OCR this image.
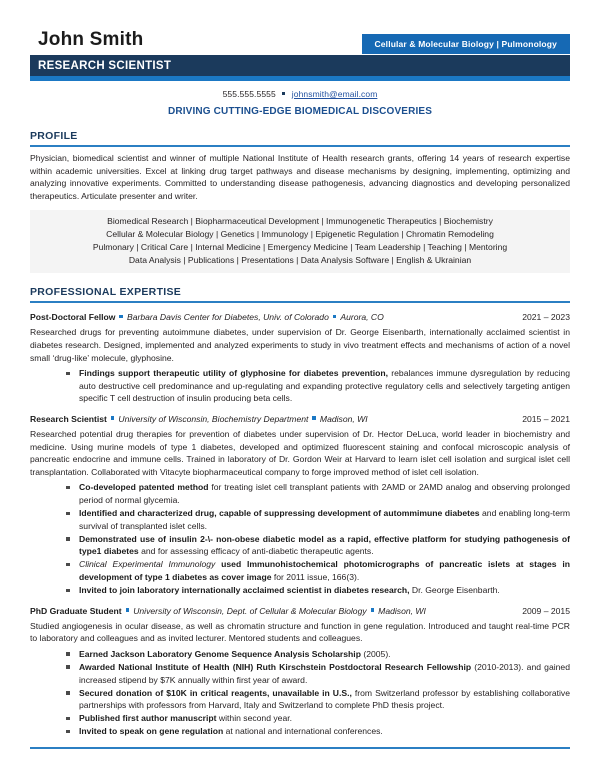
John Smith	Cellular & Molecular Biology | Pulmonology
RESEARCH SCIENTIST
555.555.5555 johnsmith@email.com
DRIVING CUTTING-EDGE BIOMEDICAL DISCOVERIES
PROFILE

Physician, biomedical scientist and winner of multiple National Institute of Health research grants, offering 14 years of research expertise within academic universities. Excel at linking drug target pathways and disease mechanisms by designing, implementing, optimizing and analyzing innovative experiments. Committed to understanding disease pathogenesis, advancing diagnostics and developing personalized therapeutics. Articulate presenter and writer.

Biomedical Research | Biopharmaceutical Development | Immunogenetic Therapeutics | Biochemistry
Cellular & Molecular Biology | Genetics | Immunology | Epigenetic Regulation | Chromatin Remodeling
Pulmonary | Critical Care | Internal Medicine | Emergency Medicine | Team Leadership | Teaching | Mentoring
Data Analysis | Publications | Presentations | Data Analysis Software | English & Ukrainian
PROFESSIONAL EXPERTISE
Post-Doctoral Fellow Barbara Davis Center for Diabetes, Univ. of Colorado Aurora, CO	2021 – 2023

Researched drugs for preventing autoimmune diabetes, under supervision of Dr. George Eisenbarth, internationally acclaimed scientist in diabetes research. Designed, implemented and analyzed experiments to study in vivo treatment effects and mechanisms of action of a novel small ‘drug-like’ molecule, glyphosine.

Findings support therapeutic utility of glyphosine for diabetes prevention, rebalances immune dysregulation by reducing auto destructive cell predominance and up-regulating and expanding protective regulatory cells and selectively targeting antigen specific T cell destruction of insulin producing beta cells.
Research Scientist University of Wisconsin, Biochemistry Department Madison, WI	2015 – 2021

Researched potential drug therapies for prevention of diabetes under supervision of Dr. Hector DeLuca, world leader in biochemistry and medicine. Using murine models of type 1 diabetes, developed and optimized fluorescent staining and confocal microscopic analysis of pancreatic endocrine and immune cells. Trained in laboratory of Dr. Gordon Weir at Harvard to learn islet cell isolation and surgical islet cell transplantation. Collaborated with Vitacyte biopharmaceutical company to forge improved method of islet cell isolation.

Co-developed patented method for treating islet cell transplant patients with 2AMD or 2AMD analog and observing prolonged period of normal glycemia.
Identified and characterized drug, capable of suppressing development of autommimune diabetes and enabling long-term survival of transplanted islet cells.
Demonstrated use of insulin 2-\- non-obese diabetic model as a rapid, effective platform for studying pathogenesis of type1 diabetes and for assessing efficacy of anti-diabetic therapeutic agents.
Clinical Experimental Immunology used Immunohistochemical photomicrographs of pancreatic islets at stages in development of type 1 diabetes as cover image for 2011 issue, 166(3).
Invited to join laboratory internationally acclaimed scientist in diabetes research, Dr. George Eisenbarth.
PhD Graduate Student University of Wisconsin, Dept. of Cellular & Molecular Biology Madison, WI	2009 – 2015

Studied angiogenesis in ocular disease, as well as chromatin structure and function in gene regulation. Introduced and taught real-time PCR to laboratory and colleagues and as invited lecturer. Mentored students and colleagues.

Earned Jackson Laboratory Genome Sequence Analysis Scholarship (2005).
Awarded National Institute of Health (NIH) Ruth Kirschstein Postdoctoral Research Fellowship (2010-2013). and gained increased stipend by $7K annually within first year of award.
Secured donation of $10K in critical reagents, unavailable in U.S., from Switzerland professor by establishing collaborative partnerships with professors from Harvard, Italy and Switzerland to complete PhD thesis project.
Published first author manuscript within second year.
Invited to speak on gene regulation at national and international conferences.
